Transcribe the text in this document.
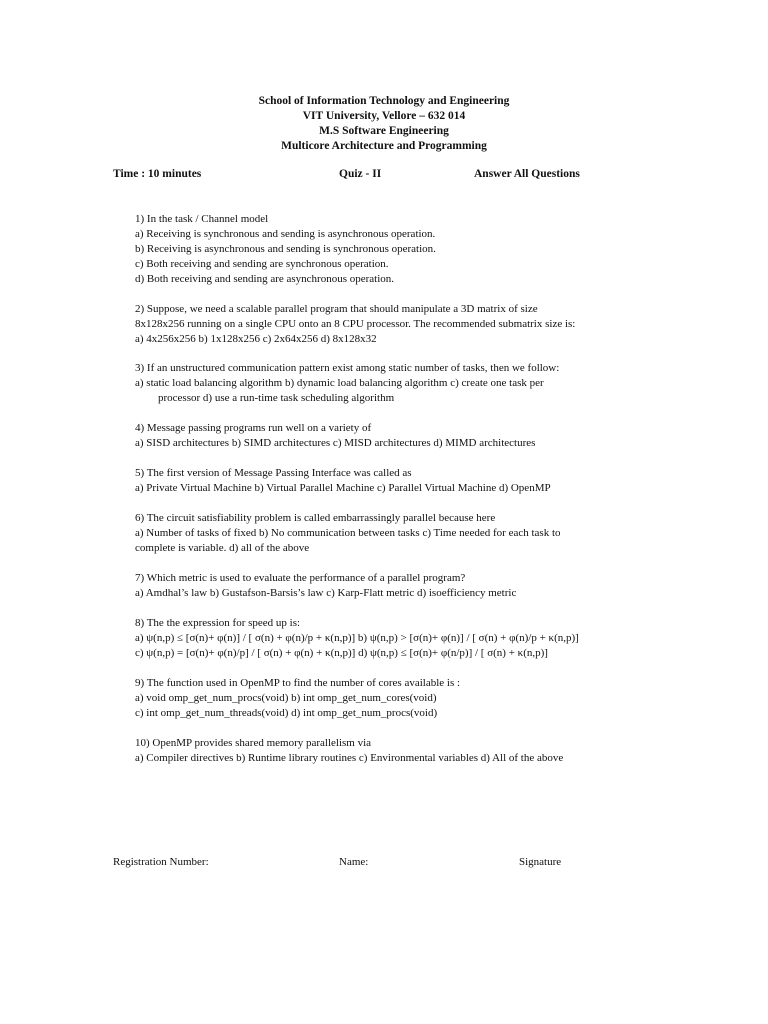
School of Information Technology and Engineering
VIT University, Vellore – 632 014
M.S Software Engineering
Multicore Architecture and Programming
Time : 10 minutes	Quiz - II	Answer All Questions
1) In the task / Channel model
a) Receiving is synchronous and sending is asynchronous operation.
b) Receiving is asynchronous and sending is synchronous operation.
c) Both receiving and sending are synchronous operation.
d) Both receiving and sending are asynchronous operation.
2) Suppose, we need a scalable parallel program that should manipulate a 3D matrix of size
8x128x256 running on a single CPU onto an 8 CPU processor. The recommended submatrix size is:
a) 4x256x256 b) 1x128x256 c) 2x64x256 d) 8x128x32
3) If an unstructured communication pattern exist among static number of tasks, then we follow:
a) static load balancing algorithm b) dynamic load balancing algorithm c) create one task per
processor d) use a run-time task scheduling algorithm
4) Message passing programs run well on a variety of
a) SISD architectures b) SIMD architectures c) MISD architectures d) MIMD architectures
5) The first version of Message Passing Interface was called as
a) Private Virtual Machine b) Virtual Parallel Machine c) Parallel Virtual Machine d) OpenMP
6) The circuit satisfiability problem is called embarrassingly parallel because here
a) Number of tasks of fixed b) No communication between tasks c) Time needed for each task to
complete is variable. d) all of the above
7) Which metric is used to evaluate the performance of a parallel program?
a) Amdhal’s law b) Gustafson-Barsis’s law c) Karp-Flatt metric d) isoefficiency metric
8) The the expression for speed up is:
a) ψ(n,p) ≤ [σ(n)+ φ(n)] / [ σ(n) + φ(n)/p + κ(n,p)] b) ψ(n,p) > [σ(n)+ φ(n)] / [ σ(n) + φ(n)/p + κ(n,p)]
c) ψ(n,p) = [σ(n)+ φ(n)/p] / [ σ(n) + φ(n) + κ(n,p)] d) ψ(n,p) ≤ [σ(n)+ φ(n/p)] / [ σ(n) + κ(n,p)]
9) The function used in OpenMP to find the number of cores available is :
a) void omp_get_num_procs(void) b) int omp_get_num_cores(void)
c) int omp_get_num_threads(void) d) int omp_get_num_procs(void)
10) OpenMP provides shared memory parallelism via
a) Compiler directives b) Runtime library routines c) Environmental variables d) All of the above
Registration Number:	Name:	Signature
